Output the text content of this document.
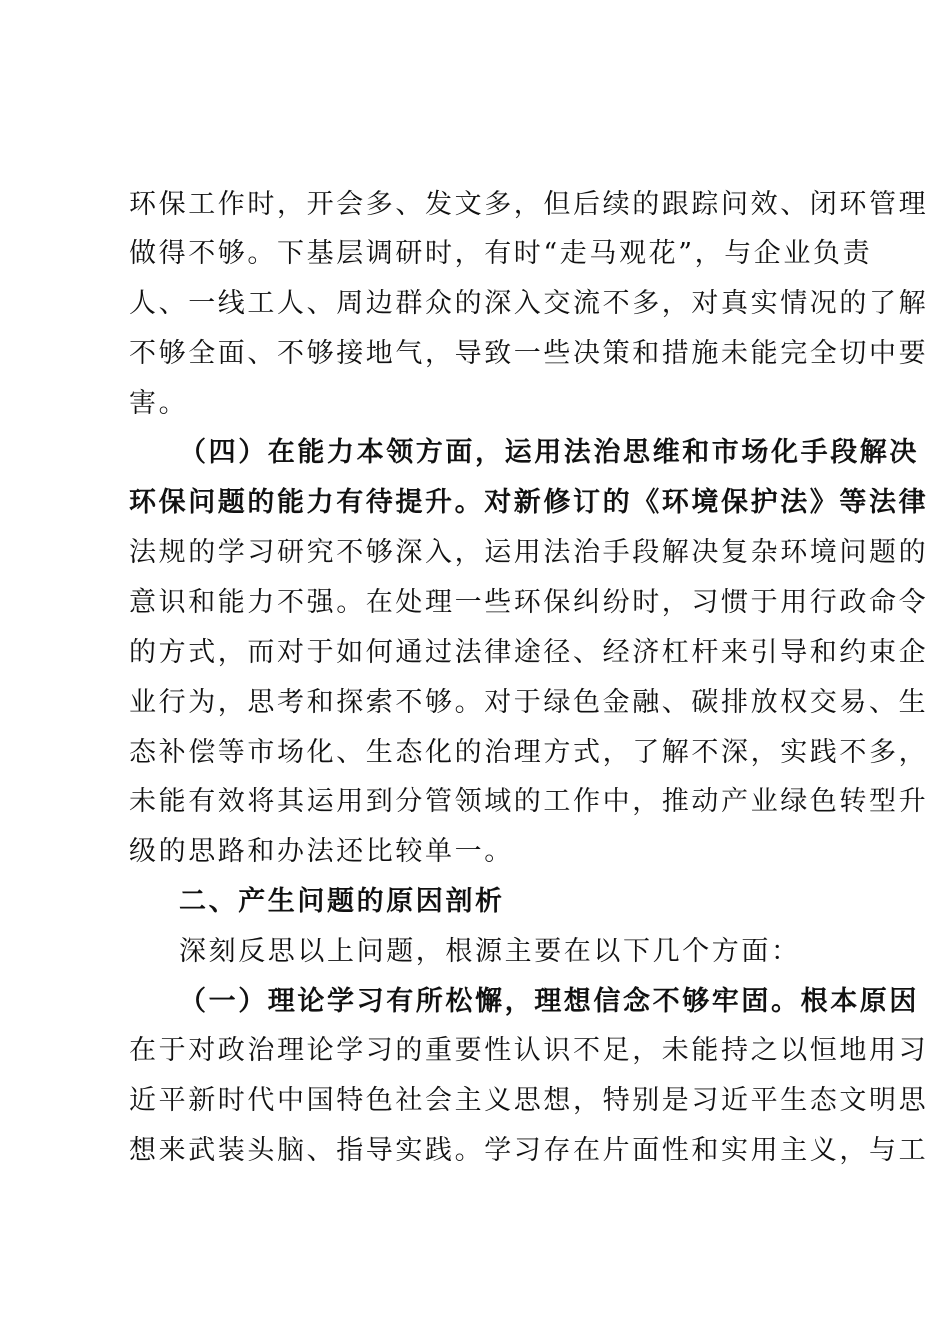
环保工作时，开会多、发文多，但后续的跟踪问效、闭环管理
做得不够。下基层调研时，有时“走马观花”，与企业负责
人、一线工人、周边群众的深入交流不多，对真实情况的了解
不够全面、不够接地气，导致一些决策和措施未能完全切中要
害。
（四）在能力本领方面，运用法治思维和市场化手段解决
环保问题的能力有待提升。对新修订的《环境保护法》等法律
法规的学习研究不够深入，运用法治手段解决复杂环境问题的
意识和能力不强。在处理一些环保纠纷时，习惯于用行政命令
的方式，而对于如何通过法律途径、经济杠杆来引导和约束企
业行为，思考和探索不够。对于绿色金融、碳排放权交易、生
态补偿等市场化、生态化的治理方式，了解不深，实践不多，
未能有效将其运用到分管领域的工作中，推动产业绿色转型升
级的思路和办法还比较单一。
二、产生问题的原因剖析
深刻反思以上问题，根源主要在以下几个方面：
（一）理论学习有所松懈，理想信念不够牢固。根本原因
在于对政治理论学习的重要性认识不足，未能持之以恒地用习
近平新时代中国特色社会主义思想，特别是习近平生态文明思
想来武装头脑、指导实践。学习存在片面性和实用主义，与工
